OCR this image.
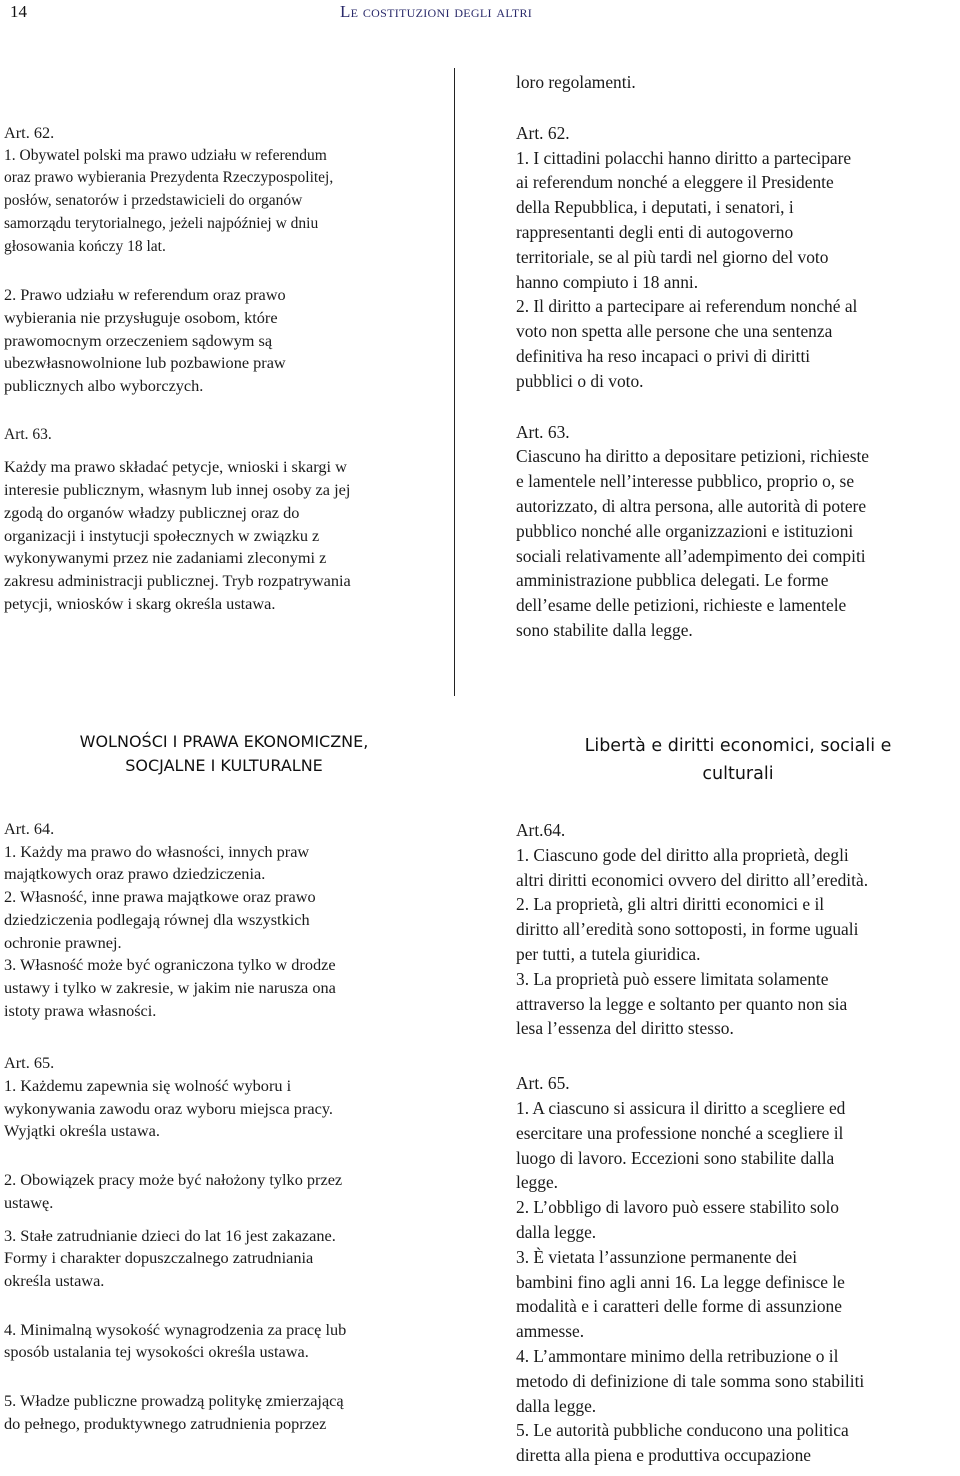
14	Le costituzioni degli altri

Art. 62.

1. Obywatel polski ma prawo udziału w referendum
oraz prawo wybierania Prezydenta Rzeczypospolitej,
posłów, senatorów i przedstawicieli do organów
samorządu terytorialnego, jeżeli najpóźniej w dniu
głosowania kończy 18 lat.

2. Prawo udziału w referendum oraz prawo
wybierania nie przysługuje osobom, które
prawomocnym orzeczeniem sądowym są
ubezwłasnowolnione lub pozbawione praw
publicznych albo wyborczych.

Art. 63.

Każdy ma prawo składać petycje, wnioski i skargi w
interesie publicznym, własnym lub innej osoby za jej
zgodą do organów władzy publicznej oraz do
organizacji i instytucji społecznych w związku z
wykonywanymi przez nie zadaniami zleconymi z
zakresu administracji publicznej. Tryb rozpatrywania
petycji, wniosków i skarg określa ustawa.

loro regolamenti.

Art. 62.

1. I cittadini polacchi hanno diritto a partecipare
ai referendum nonché a eleggere il Presidente
della Repubblica, i deputati, i senatori, i
rappresentanti degli enti di autogoverno
territoriale, se al più tardi nel giorno del voto
hanno compiuto i 18 anni.

2. Il diritto a partecipare ai referendum nonché al
voto non spetta alle persone che una sentenza
definitiva ha reso incapaci o privi di diritti
pubblici o di voto.

Art. 63.

Ciascuno ha diritto a depositare petizioni, richieste
e lamentele nell’interesse pubblico, proprio o, se
autorizzato, di altra persona, alle autorità di potere
pubblico nonché alle organizzazioni e istituzioni
sociali relativamente all’adempimento dei compiti
amministrazione pubblica delegati. Le forme
dell’esame delle petizioni, richieste e lamentele
sono stabilite dalla legge.

WOLNOŚCI I PRAWA EKONOMICZNE,
SOCJALNE I KULTURALNE
Libertà e diritti economici, sociali e
culturali

Art. 64.

1. Każdy ma prawo do własności, innych praw
majątkowych oraz prawo dziedziczenia.

2. Własność, inne prawa majątkowe oraz prawo
dziedziczenia podlegają równej dla wszystkich
ochronie prawnej.

3. Własność może być ograniczona tylko w drodze
ustawy i tylko w zakresie, w jakim nie narusza ona
istoty prawa własności.

Art. 65.

1. Każdemu zapewnia się wolność wyboru i
wykonywania zawodu oraz wyboru miejsca pracy.
Wyjątki określa ustawa.

2. Obowiązek pracy może być nałożony tylko przez
ustawę.

3. Stałe zatrudnianie dzieci do lat 16 jest zakazane.
Formy i charakter dopuszczalnego zatrudniania
określa ustawa.

4. Minimalną wysokość wynagrodzenia za pracę lub
sposób ustalania tej wysokości określa ustawa.

5. Władze publiczne prowadzą politykę zmierzającą
do pełnego, produktywnego zatrudnienia poprzez

Art.64.

1. Ciascuno gode del diritto alla proprietà, degli
altri diritti economici ovvero del diritto all’eredità.

2. La proprietà, gli altri diritti economici e il
diritto all’eredità sono sottoposti, in forme uguali
per tutti, a tutela giuridica.

3. La proprietà può essere limitata solamente
attraverso la legge e soltanto per quanto non sia
lesa l’essenza del diritto stesso.

Art. 65.

1. A ciascuno si assicura il diritto a scegliere ed
esercitare una professione nonché a scegliere il
luogo di lavoro. Eccezioni sono stabilite dalla
legge.

2. L’obbligo di lavoro può essere stabilito solo
dalla legge.

3. È vietata l’assunzione permanente dei
bambini fino agli anni 16. La legge definisce le
modalità e i caratteri delle forme di assunzione
ammesse.

4. L’ammontare minimo della retribuzione o il
metodo di definizione di tale somma sono stabiliti
dalla legge.

5. Le autorità pubbliche conducono una politica
diretta alla piena e produttiva occupazione
